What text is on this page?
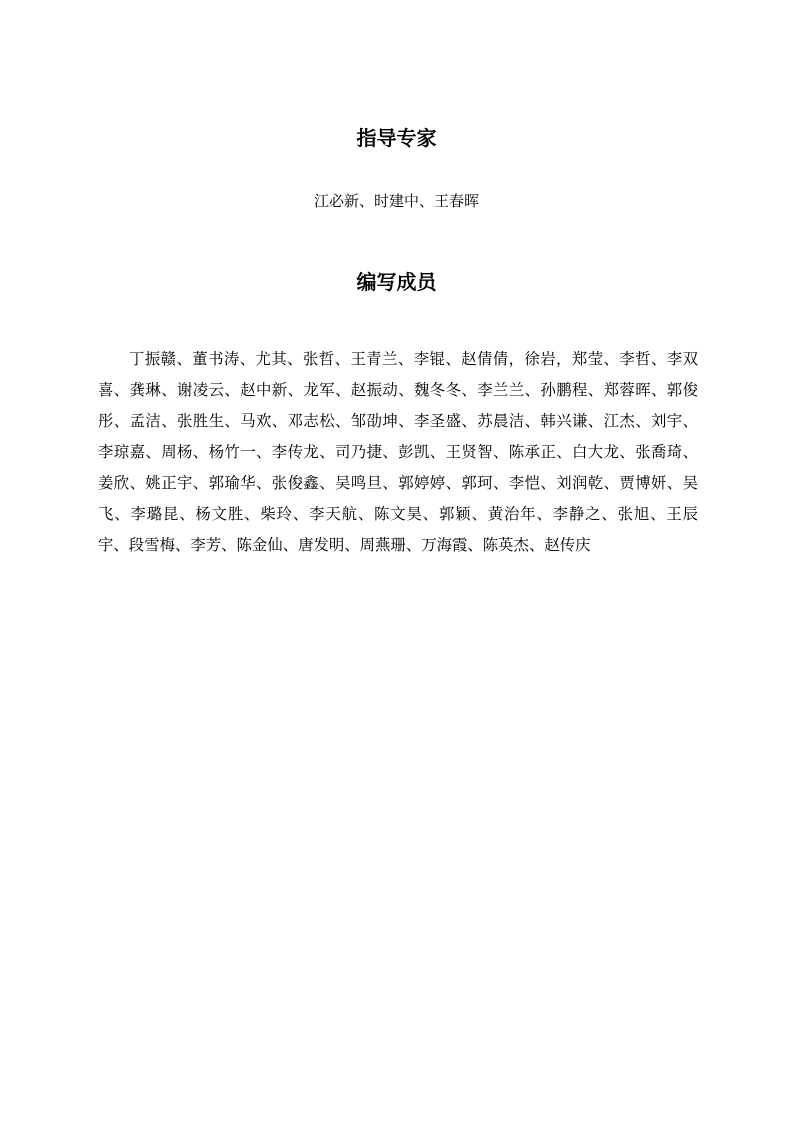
指导专家

江必新、时建中、王春晖

编写成员

丁振赣、董书涛、尤其、张哲、王青兰、李锟、赵倩倩，徐岩，郑莹、李哲、李双喜、龚琳、谢凌云、赵中新、龙军、赵振动、魏冬冬、李兰兰、孙鹏程、郑蓉晖、郭俊彤、孟洁、张胜生、马欢、邓志松、邹劭坤、李圣盛、苏晨洁、韩兴谦、江杰、刘宇、李琼嘉、周杨、杨竹一、李传龙、司乃捷、彭凯、王贤智、陈承正、白大龙、张喬琦、姜欣、姚正宇、郭瑜华、张俊鑫、吴鸣旦、郭婷婷、郭珂、李恺、刘润乾、贾博妍、吴飞、李璐昆、杨文胜、柴玲、李天航、陈文昊、郭颖、黄治年、李静之、张旭、王辰宇、段雪梅、李芳、陈金仙、唐发明、周燕珊、万海霞、陈英杰、赵传庆
